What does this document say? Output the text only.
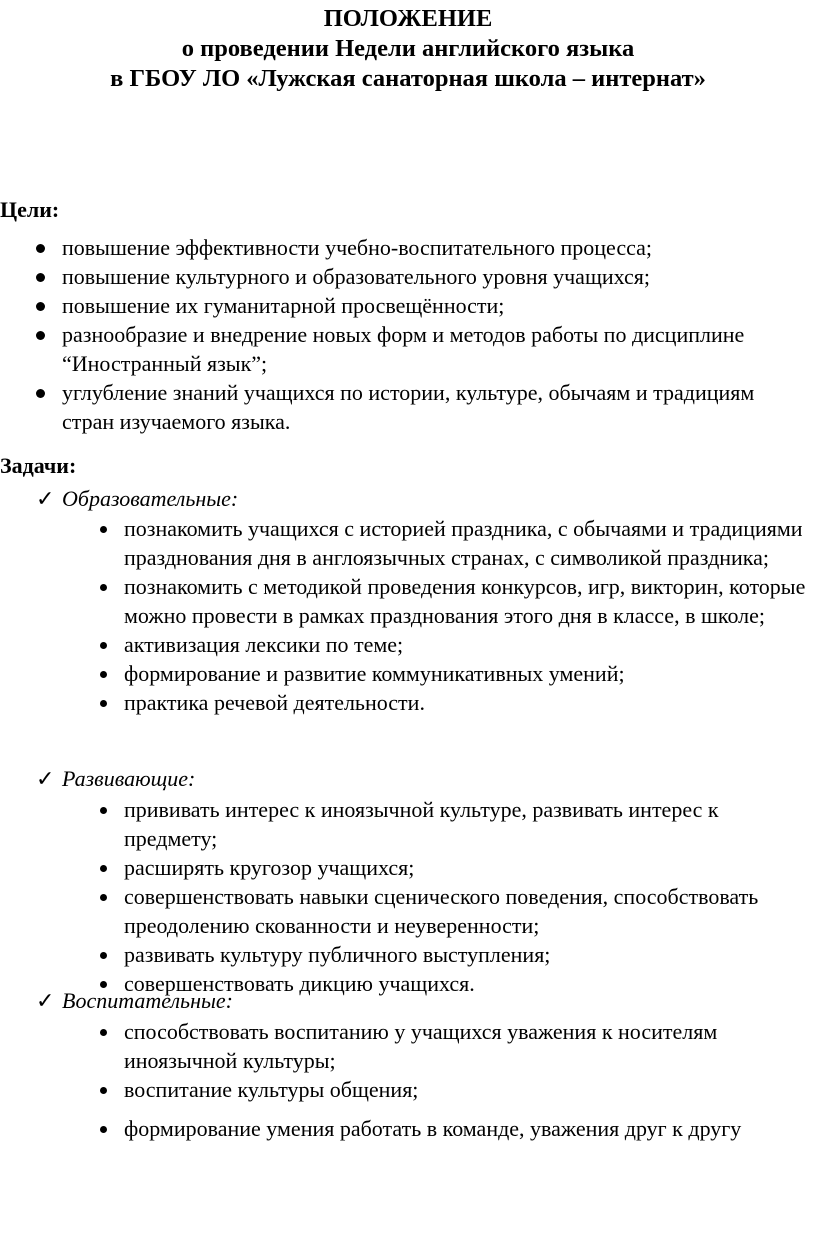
ПОЛОЖЕНИЕ
о проведении Недели английского языка
в ГБОУ ЛО «Лужская санаторная школа – интернат»
Цели:
повышение эффективности учебно-воспитательного процесса;
повышение культурного и образовательного уровня учащихся;
повышение их гуманитарной просвещённости;
разнообразие и внедрение новых форм и методов работы по дисциплине “Иностранный язык”;
углубление знаний учащихся по истории, культуре, обычаям и традициям стран изучаемого языка.
Задачи:
✓ Образовательные:
познакомить учащихся с историей праздника, с обычаями и традициями празднования дня в англоязычных странах, с символикой праздника;
познакомить с методикой проведения конкурсов, игр, викторин, которые можно провести в рамках празднования этого дня в классе, в школе;
активизация лексики по теме;
формирование и развитие коммуникативных умений;
практика речевой деятельности.
✓ Развивающие:
прививать интерес к иноязычной культуре, развивать интерес к предмету;
расширять кругозор учащихся;
совершенствовать навыки сценического поведения, способствовать преодолению скованности и неуверенности;
развивать культуру публичного выступления;
совершенствовать дикцию учащихся.
✓ Воспитательные:
способствовать воспитанию у учащихся уважения к носителям иноязычной культуры;
воспитание культуры общения;
формирование умения работать в команде, уважения друг к другу
